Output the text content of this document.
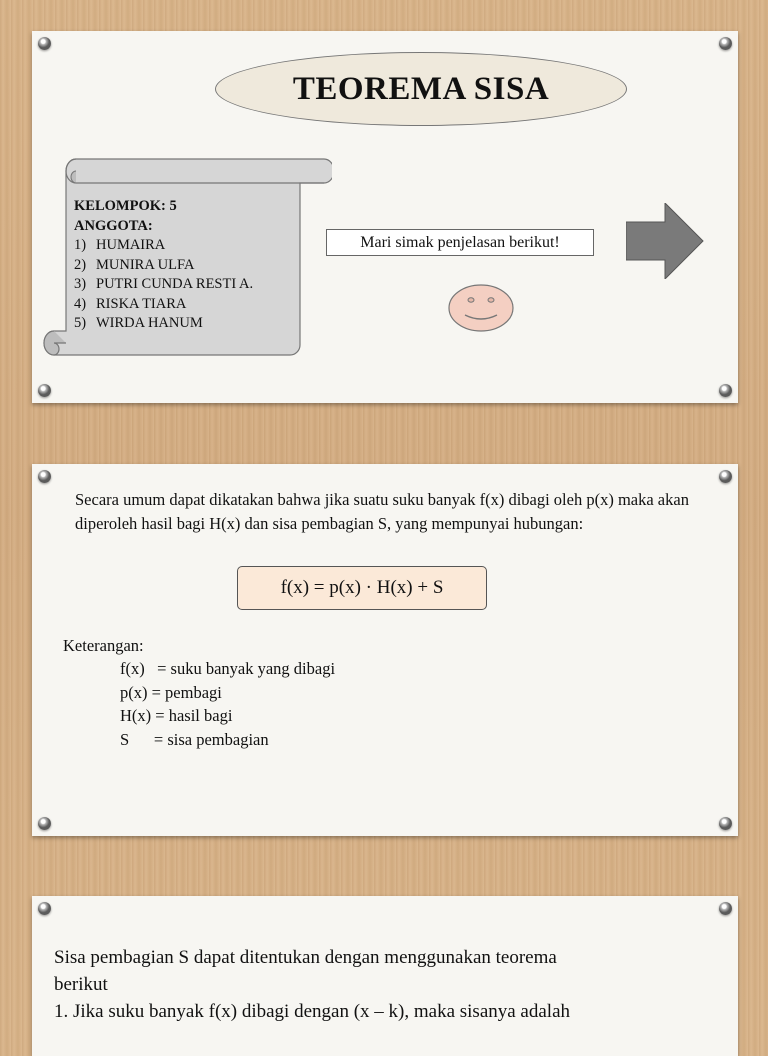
TEOREMA SISA
KELOMPOK: 5
ANGGOTA:
1) HUMAIRA
2) MUNIRA ULFA
3) PUTRI CUNDA RESTI A.
4) RISKA TIARA
5) WIRDA HANUM
Mari simak penjelasan berikut!
Secara umum dapat dikatakan bahwa jika suatu suku banyak f(x) dibagi oleh p(x) maka akan diperoleh hasil bagi H(x) dan sisa pembagian S, yang mempunyai hubungan:
f(x) = p(x) · H(x) + S
Keterangan:
f(x)   = suku banyak yang dibagi
p(x) = pembagi
H(x) = hasil bagi
S      = sisa pembagian
Sisa pembagian S dapat ditentukan dengan menggunakan teorema
berikut
1. Jika suku banyak f(x) dibagi dengan (x – k), maka sisanya adalah
